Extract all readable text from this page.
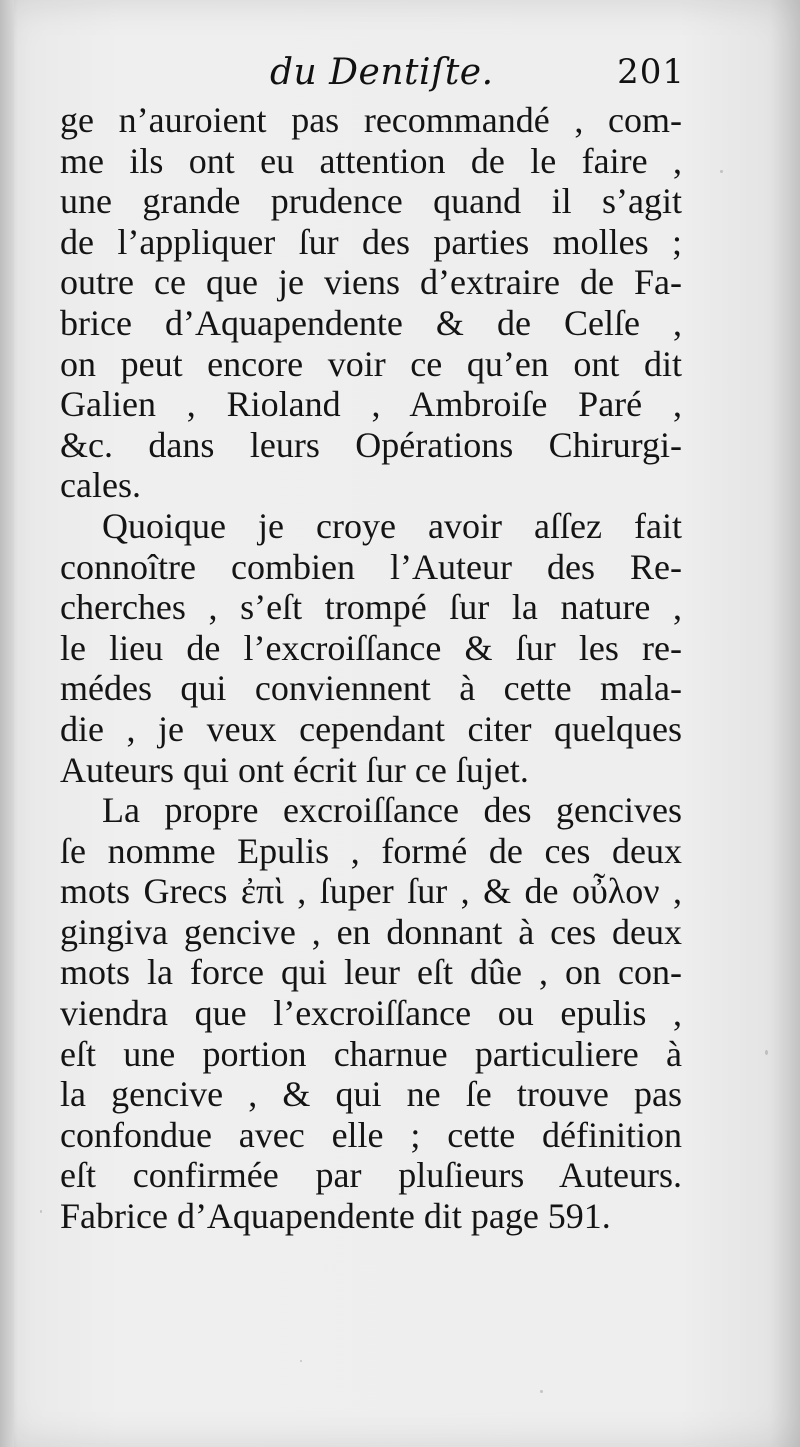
du Dentiſte.	201
ge n’auroient pas recommandé , com-
me ils ont eu attention de le faire ,
une grande prudence quand il s’agit
de l’appliquer ſur des parties molles ;
outre ce que je viens d’extraire de Fa-
brice d’Aquapendente & de Celſe ,
on peut encore voir ce qu’en ont dit
Galien , Rioland , Ambroiſe Paré ,
&c. dans leurs Opérations Chirurgi-
cales.
Quoique je croye avoir aſſez fait
connoître combien l’Auteur des Re-
cherches , s’eſt trompé ſur la nature ,
le lieu de l’excroiſſance & ſur les re-
médes qui conviennent à cette mala-
die , je veux cependant citer quelques
Auteurs qui ont écrit ſur ce ſujet.
La propre excroiſſance des gencives
ſe nomme Epulis , formé de ces deux
mots Grecs ἐπὶ , ſuper ſur , & de οὖλον ,
gingiva gencive , en donnant à ces deux
mots la force qui leur eſt dûe , on con-
viendra que l’excroiſſance ou epulis ,
eſt une portion charnue particuliere à
la gencive , & qui ne ſe trouve pas
confondue avec elle ; cette définition
eſt confirmée par pluſieurs Auteurs.
Fabrice d’Aquapendente dit page 591.
